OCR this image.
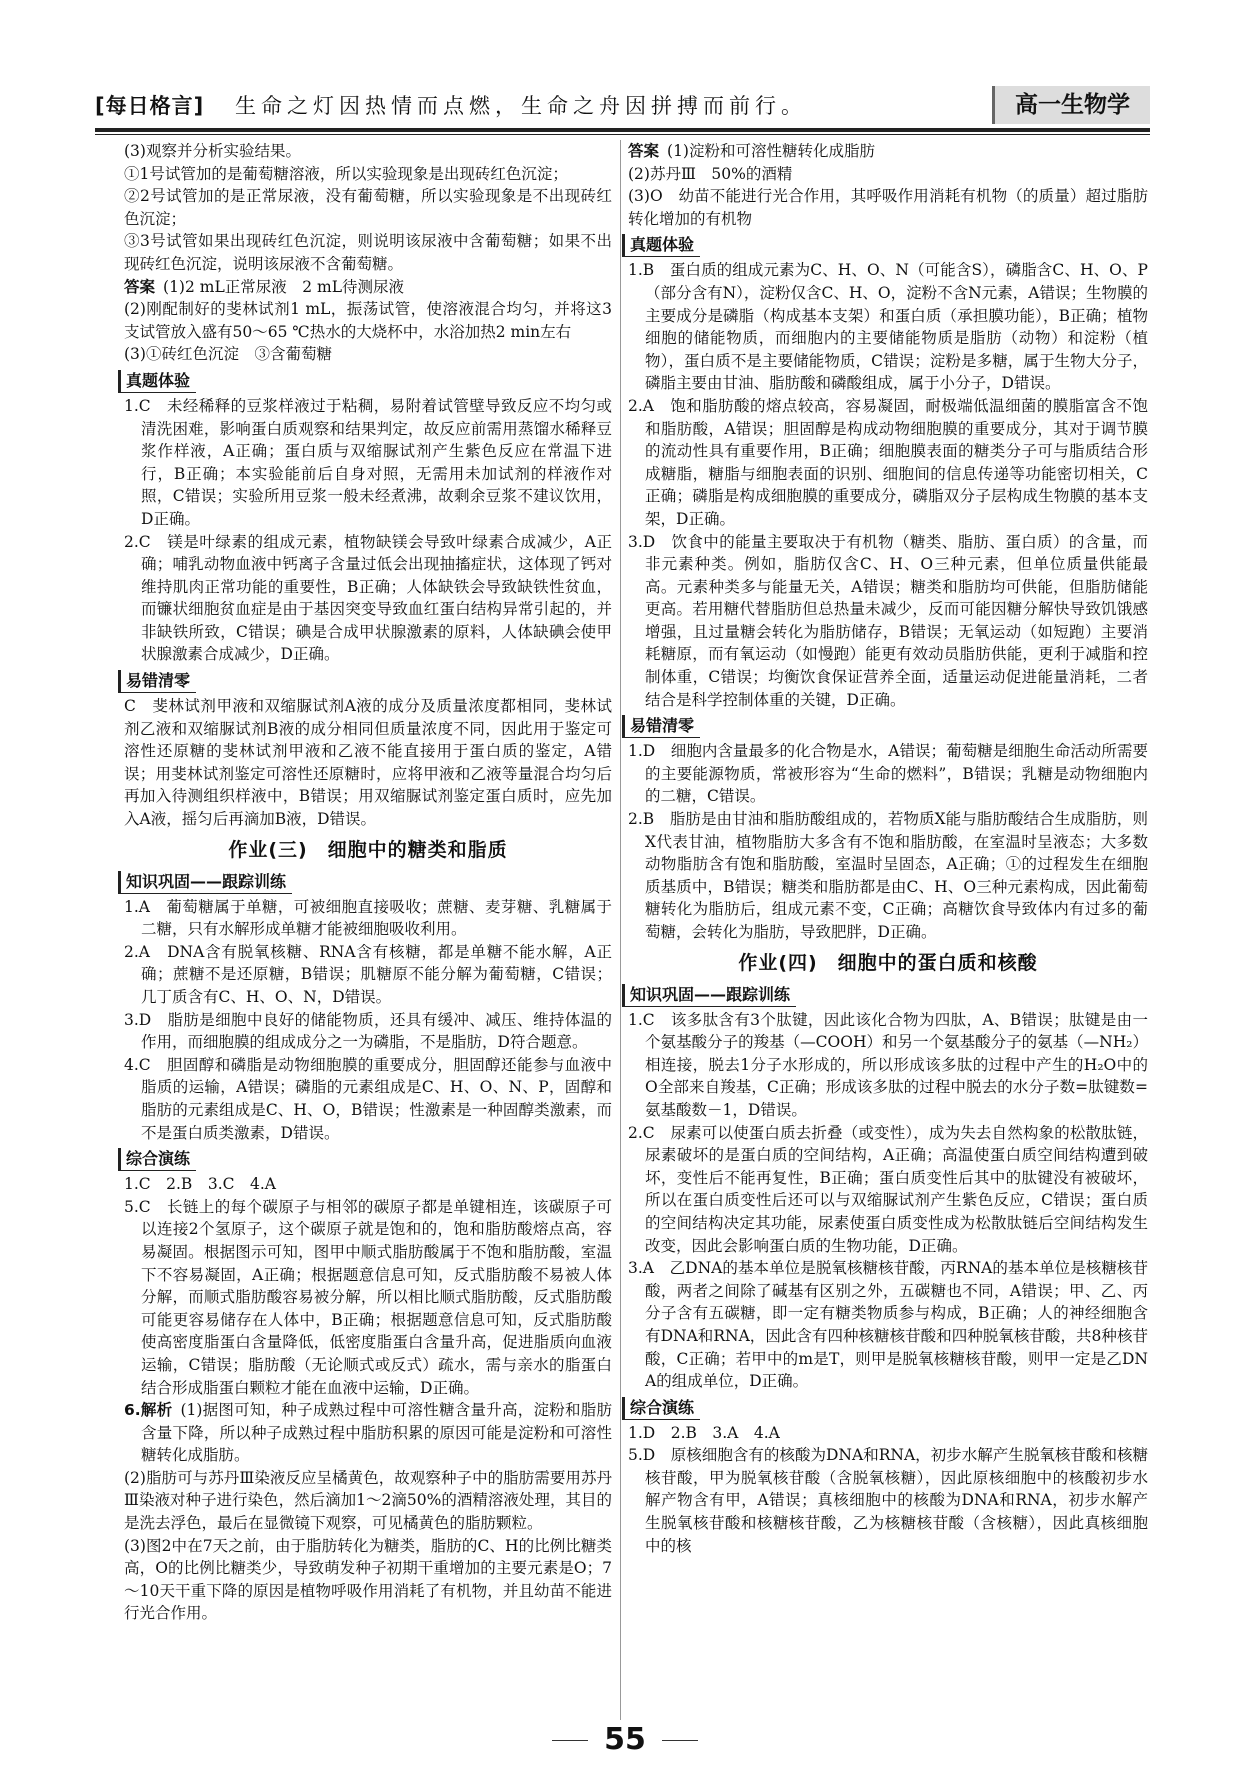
[每日格言] 生命之灯因热情而点燃，生命之舟因拼搏而前行。	高一生物学

(3)观察并分析实验结果。

①1号试管加的是葡萄糖溶液，所以实验现象是出现砖红色沉淀；

②2号试管加的是正常尿液，没有葡萄糖，所以实验现象是不出现砖红色沉淀；

③3号试管如果出现砖红色沉淀，则说明该尿液中含葡萄糖；如果不出现砖红色沉淀，说明该尿液不含葡萄糖。

答案 (1)2 mL正常尿液　2 mL待测尿液

(2)刚配制好的斐林试剂1 mL，振荡试管，使溶液混合均匀，并将这3支试管放入盛有50～65 ℃热水的大烧杯中，水浴加热2 min左右

(3)①砖红色沉淀　③含葡萄糖

真题体验

1.C　未经稀释的豆浆样液过于粘稠，易附着试管壁导致反应不均匀或清洗困难，影响蛋白质观察和结果判定，故反应前需用蒸馏水稀释豆浆作样液，A正确；蛋白质与双缩脲试剂产生紫色反应在常温下进行，B正确；本实验能前后自身对照，无需用未加试剂的样液作对照，C错误；实验所用豆浆一般未经煮沸，故剩余豆浆不建议饮用，D正确。

2.C　镁是叶绿素的组成元素，植物缺镁会导致叶绿素合成减少，A正确；哺乳动物血液中钙离子含量过低会出现抽搐症状，这体现了钙对维持肌肉正常功能的重要性，B正确；人体缺铁会导致缺铁性贫血，而镰状细胞贫血症是由于基因突变导致血红蛋白结构异常引起的，并非缺铁所致，C错误；碘是合成甲状腺激素的原料，人体缺碘会使甲状腺激素合成减少，D正确。

易错清零

C　斐林试剂甲液和双缩脲试剂A液的成分及质量浓度都相同，斐林试剂乙液和双缩脲试剂B液的成分相同但质量浓度不同，因此用于鉴定可溶性还原糖的斐林试剂甲液和乙液不能直接用于蛋白质的鉴定，A错误；用斐林试剂鉴定可溶性还原糖时，应将甲液和乙液等量混合均匀后再加入待测组织样液中，B错误；用双缩脲试剂鉴定蛋白质时，应先加入A液，摇匀后再滴加B液，D错误。

作业(三)　细胞中的糖类和脂质
知识巩固——跟踪训练

1.A　葡萄糖属于单糖，可被细胞直接吸收；蔗糖、麦芽糖、乳糖属于二糖，只有水解形成单糖才能被细胞吸收利用。

2.A　DNA含有脱氧核糖、RNA含有核糖，都是单糖不能水解，A正确；蔗糖不是还原糖，B错误；肌糖原不能分解为葡萄糖，C错误；几丁质含有C、H、O、N，D错误。

3.D　脂肪是细胞中良好的储能物质，还具有缓冲、减压、维持体温的作用，而细胞膜的组成成分之一为磷脂，不是脂肪，D符合题意。

4.C　胆固醇和磷脂是动物细胞膜的重要成分，胆固醇还能参与血液中脂质的运输，A错误；磷脂的元素组成是C、H、O、N、P，固醇和脂肪的元素组成是C、H、O，B错误；性激素是一种固醇类激素，而不是蛋白质类激素，D错误。

综合演练

1.C　2.B　3.C　4.A

5.C　长链上的每个碳原子与相邻的碳原子都是单键相连，该碳原子可以连接2个氢原子，这个碳原子就是饱和的，饱和脂肪酸熔点高，容易凝固。根据图示可知，图甲中顺式脂肪酸属于不饱和脂肪酸，室温下不容易凝固，A正确；根据题意信息可知，反式脂肪酸不易被人体分解，而顺式脂肪酸容易被分解，所以相比顺式脂肪酸，反式脂肪酸可能更容易储存在人体中，B正确；根据题意信息可知，反式脂肪酸使高密度脂蛋白含量降低，低密度脂蛋白含量升高，促进脂质向血液运输，C错误；脂肪酸（无论顺式或反式）疏水，需与亲水的脂蛋白结合形成脂蛋白颗粒才能在血液中运输，D正确。

6.解析 (1)据图可知，种子成熟过程中可溶性糖含量升高，淀粉和脂肪含量下降，所以种子成熟过程中脂肪积累的原因可能是淀粉和可溶性糖转化成脂肪。

(2)脂肪可与苏丹Ⅲ染液反应呈橘黄色，故观察种子中的脂肪需要用苏丹Ⅲ染液对种子进行染色，然后滴加1～2滴50%的酒精溶液处理，其目的是洗去浮色，最后在显微镜下观察，可见橘黄色的脂肪颗粒。

(3)图2中在7天之前，由于脂肪转化为糖类，脂肪的C、H的比例比糖类高，O的比例比糖类少，导致萌发种子初期干重增加的主要元素是O；7～10天干重下降的原因是植物呼吸作用消耗了有机物，并且幼苗不能进行光合作用。

答案 (1)淀粉和可溶性糖转化成脂肪

(2)苏丹Ⅲ　50%的酒精

(3)O　幼苗不能进行光合作用，其呼吸作用消耗有机物（的质量）超过脂肪转化增加的有机物

真题体验

1.B　蛋白质的组成元素为C、H、O、N（可能含S），磷脂含C、H、O、P（部分含有N），淀粉仅含C、H、O，淀粉不含N元素，A错误；生物膜的主要成分是磷脂（构成基本支架）和蛋白质（承担膜功能），B正确；植物细胞的储能物质，而细胞内的主要储能物质是脂肪（动物）和淀粉（植物），蛋白质不是主要储能物质，C错误；淀粉是多糖，属于生物大分子，磷脂主要由甘油、脂肪酸和磷酸组成，属于小分子，D错误。

2.A　饱和脂肪酸的熔点较高，容易凝固，耐极端低温细菌的膜脂富含不饱和脂肪酸，A错误；胆固醇是构成动物细胞膜的重要成分，其对于调节膜的流动性具有重要作用，B正确；细胞膜表面的糖类分子可与脂质结合形成糖脂，糖脂与细胞表面的识别、细胞间的信息传递等功能密切相关，C正确；磷脂是构成细胞膜的重要成分，磷脂双分子层构成生物膜的基本支架，D正确。

3.D　饮食中的能量主要取决于有机物（糖类、脂肪、蛋白质）的含量，而非元素种类。例如，脂肪仅含C、H、O三种元素，但单位质量供能最高。元素种类多与能量无关，A错误；糖类和脂肪均可供能，但脂肪储能更高。若用糖代替脂肪但总热量未减少，反而可能因糖分解快导致饥饿感增强，且过量糖会转化为脂肪储存，B错误；无氧运动（如短跑）主要消耗糖原，而有氧运动（如慢跑）能更有效动员脂肪供能，更利于减脂和控制体重，C错误；均衡饮食保证营养全面，适量运动促进能量消耗，二者结合是科学控制体重的关键，D正确。

易错清零

1.D　细胞内含量最多的化合物是水，A错误；葡萄糖是细胞生命活动所需要的主要能源物质，常被形容为“生命的燃料”，B错误；乳糖是动物细胞内的二糖，C错误。

2.B　脂肪是由甘油和脂肪酸组成的，若物质X能与脂肪酸结合生成脂肪，则X代表甘油，植物脂肪大多含有不饱和脂肪酸，在室温时呈液态；大多数动物脂肪含有饱和脂肪酸，室温时呈固态，A正确；①的过程发生在细胞质基质中，B错误；糖类和脂肪都是由C、H、O三种元素构成，因此葡萄糖转化为脂肪后，组成元素不变，C正确；高糖饮食导致体内有过多的葡萄糖，会转化为脂肪，导致肥胖，D正确。

作业(四)　细胞中的蛋白质和核酸
知识巩固——跟踪训练

1.C　该多肽含有3个肽键，因此该化合物为四肽，A、B错误；肽键是由一个氨基酸分子的羧基（—COOH）和另一个氨基酸分子的氨基（—NH₂）相连接，脱去1分子水形成的，所以形成该多肽的过程中产生的H₂O中的O全部来自羧基，C正确；形成该多肽的过程中脱去的水分子数=肽键数=氨基酸数－1，D错误。

2.C　尿素可以使蛋白质去折叠（或变性），成为失去自然构象的松散肽链，尿素破坏的是蛋白质的空间结构，A正确；高温使蛋白质空间结构遭到破坏，变性后不能再复性，B正确；蛋白质变性后其中的肽键没有被破坏，所以在蛋白质变性后还可以与双缩脲试剂产生紫色反应，C错误；蛋白质的空间结构决定其功能，尿素使蛋白质变性成为松散肽链后空间结构发生改变，因此会影响蛋白质的生物功能，D正确。

3.A　乙DNA的基本单位是脱氧核糖核苷酸，丙RNA的基本单位是核糖核苷酸，两者之间除了碱基有区别之外，五碳糖也不同，A错误；甲、乙、丙分子含有五碳糖，即一定有糖类物质参与构成，B正确；人的神经细胞含有DNA和RNA，因此含有四种核糖核苷酸和四种脱氧核苷酸，共8种核苷酸，C正确；若甲中的m是T，则甲是脱氧核糖核苷酸，则甲一定是乙DNA的组成单位，D正确。

综合演练

1.D　2.B　3.A　4.A

5.D　原核细胞含有的核酸为DNA和RNA，初步水解产生脱氧核苷酸和核糖核苷酸，甲为脱氧核苷酸（含脱氧核糖），因此原核细胞中的核酸初步水解产物含有甲，A错误；真核细胞中的核酸为DNA和RNA，初步水解产生脱氧核苷酸和核糖核苷酸，乙为核糖核苷酸（含核糖），因此真核细胞中的核

55
